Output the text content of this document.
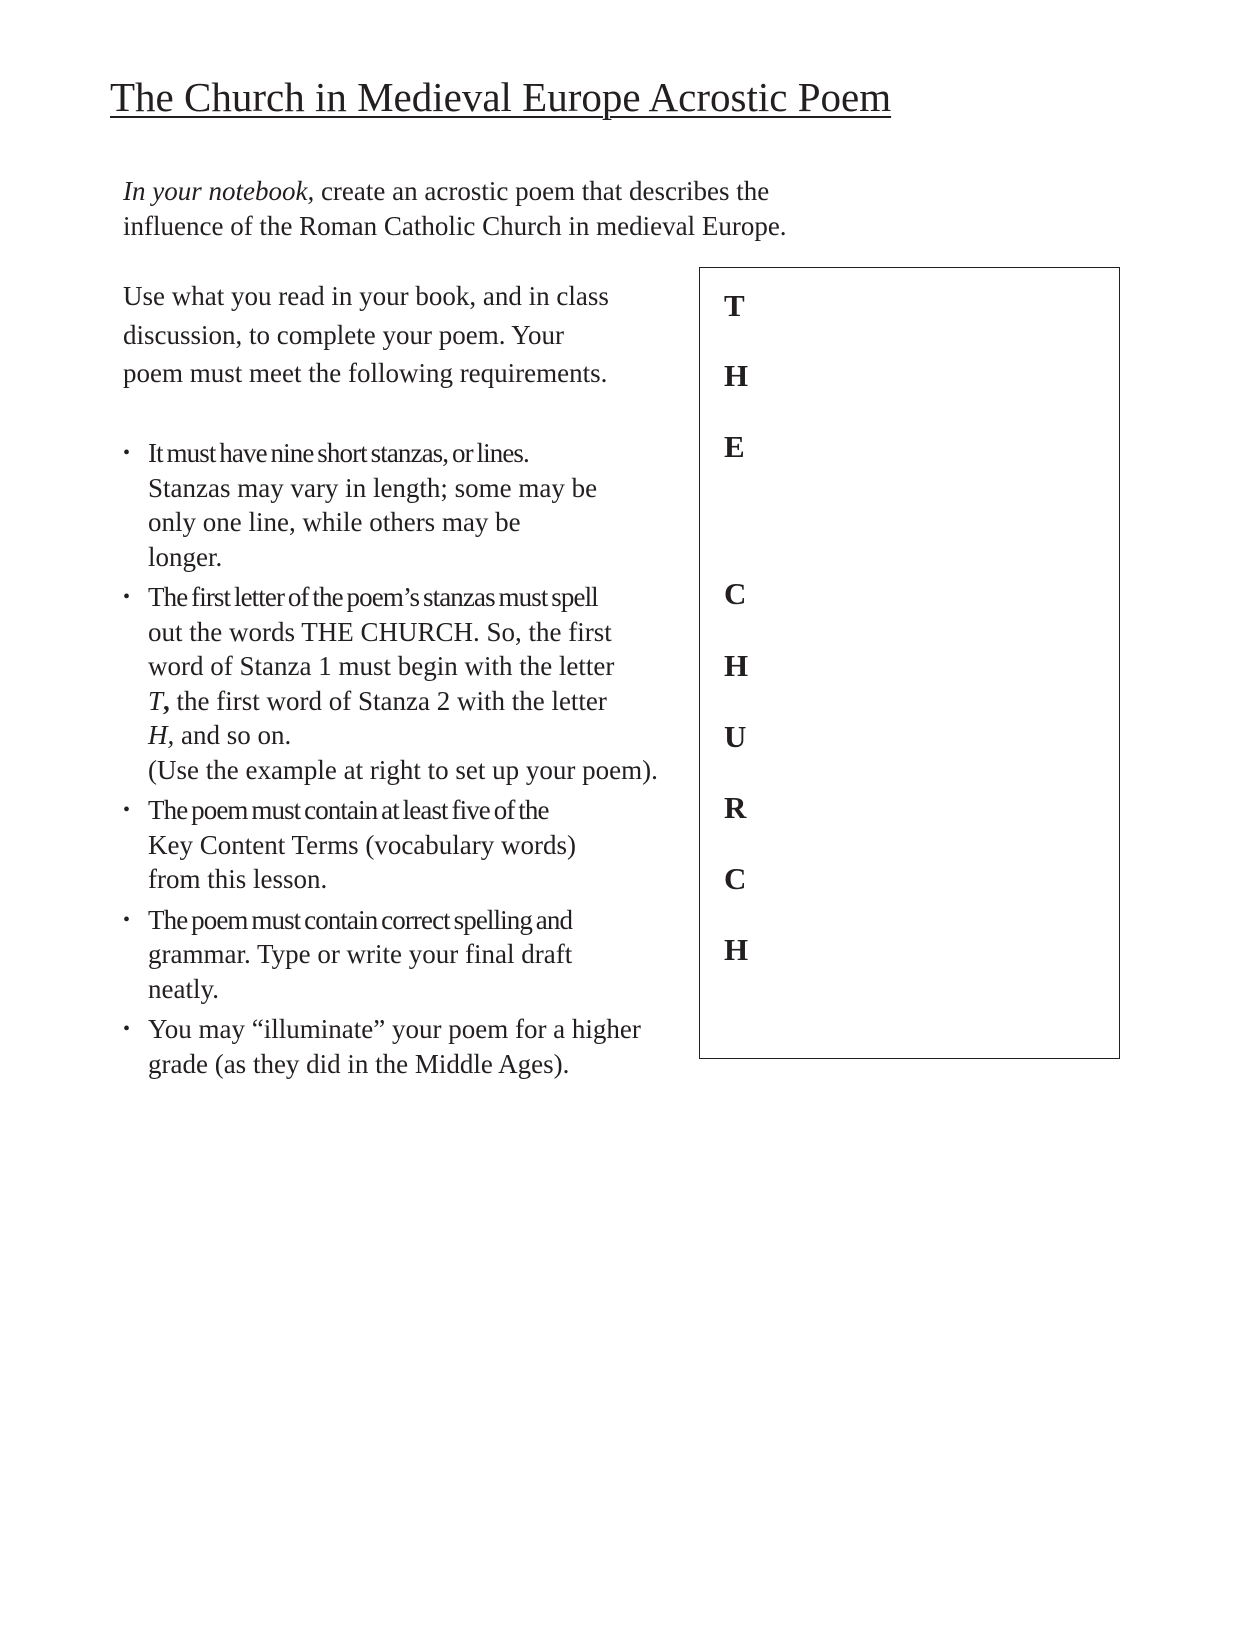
The Church in Medieval Europe Acrostic Poem

In your notebook, create an acrostic poem that describes the
influence of the Roman Catholic Church in medieval Europe.

Use what you read in your book, and in class
discussion, to complete your poem. Your
poem must meet the following requirements.

• It must have nine short stanzas, or lines.
Stanzas may vary in length; some may be
only one line, while others may be
longer.
• The first letter of the poem’s stanzas must spell
out the words THE CHURCH. So, the first
word of Stanza 1 must begin with the letter
T, the first word of Stanza 2 with the letter
H, and so on.
(Use the example at right to set up your poem).
• The poem must contain at least five of the
Key Content Terms (vocabulary words)
from this lesson.
• The poem must contain correct spelling and
grammar. Type or write your final draft
neatly.
• You may “illuminate” your poem for a higher
grade (as they did in the Middle Ages).
T
H
E
C
H
U
R
C
H
